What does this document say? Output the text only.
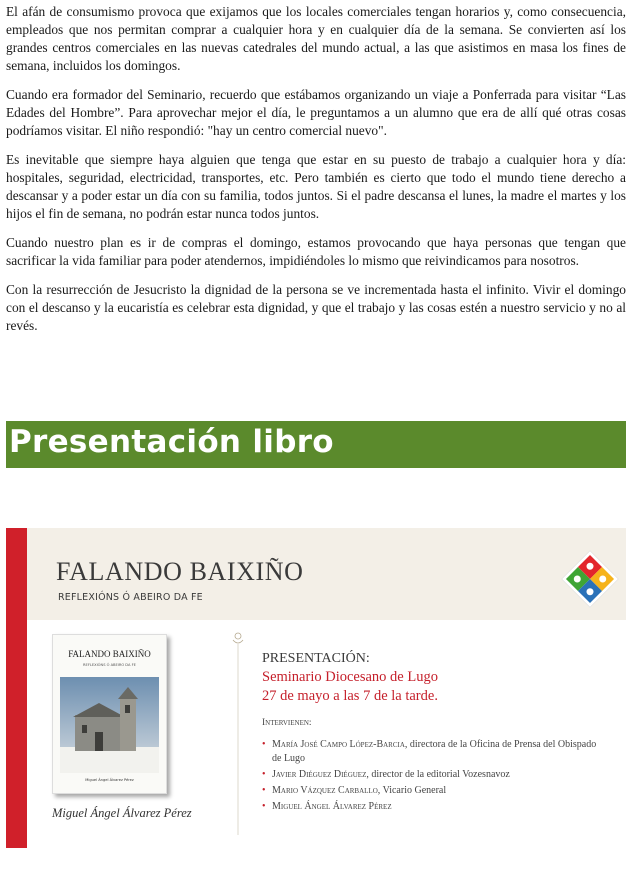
El afán de consumismo provoca que exijamos que los locales comerciales tengan horarios y, como consecuencia, empleados que nos permitan comprar a cualquier hora y en cualquier día de la semana. Se convierten así los grandes centros comerciales en las nuevas catedrales del mundo actual, a las que asistimos en masa los fines de semana, incluidos los domingos.

Cuando era formador del Seminario, recuerdo que estábamos organizando un viaje a Ponferrada para visitar “Las Edades del Hombre”. Para aprovechar mejor el día, le preguntamos a un alumno que era de allí qué otras cosas podríamos visitar. El niño respondió: "hay un centro comercial nuevo".

Es inevitable que siempre haya alguien que tenga que estar en su puesto de trabajo a cualquier hora y día: hospitales, seguridad, electricidad, transportes, etc. Pero también es cierto que todo el mundo tiene derecho a descansar y a poder estar un día con su familia, todos juntos. Si el padre descansa el lunes, la madre el martes y los hijos el fin de semana, no podrán estar nunca todos juntos.

Cuando nuestro plan es ir de compras el domingo, estamos provocando que haya personas que tengan que sacrificar la vida familiar para poder atendernos, impidiéndoles lo mismo que reivindicamos para nosotros.

Con la resurrección de Jesucristo la dignidad de la persona se ve incrementada hasta el infinito. Vivir el domingo con el descanso y la eucaristía es celebrar esta dignidad, y que el trabajo y las cosas estén a nuestro servicio y no al revés.

Presentación libro
FALANDO BAIXIÑO
REFLEXIÓNS Ó ABEIRO DA FE
FALANDO BAIXIÑO
REFLEXIÓNS Ó ABEIRO DA FE
Miguel Ángel Álvarez Pérez
Miguel Ángel Álvarez Pérez
PRESENTACIÓN:
Seminario Diocesano de Lugo
27 de mayo a las 7 de la tarde.
Intervienen:
• María José Campo López-Barcia, directora de la Oficina de Prensa del Obispado de Lugo
• Javier Diéguez Diéguez, director de la editorial Vozesnavoz
• Mario Vázquez Carballo, Vicario General
• Miguel Ángel Álvarez Pérez
